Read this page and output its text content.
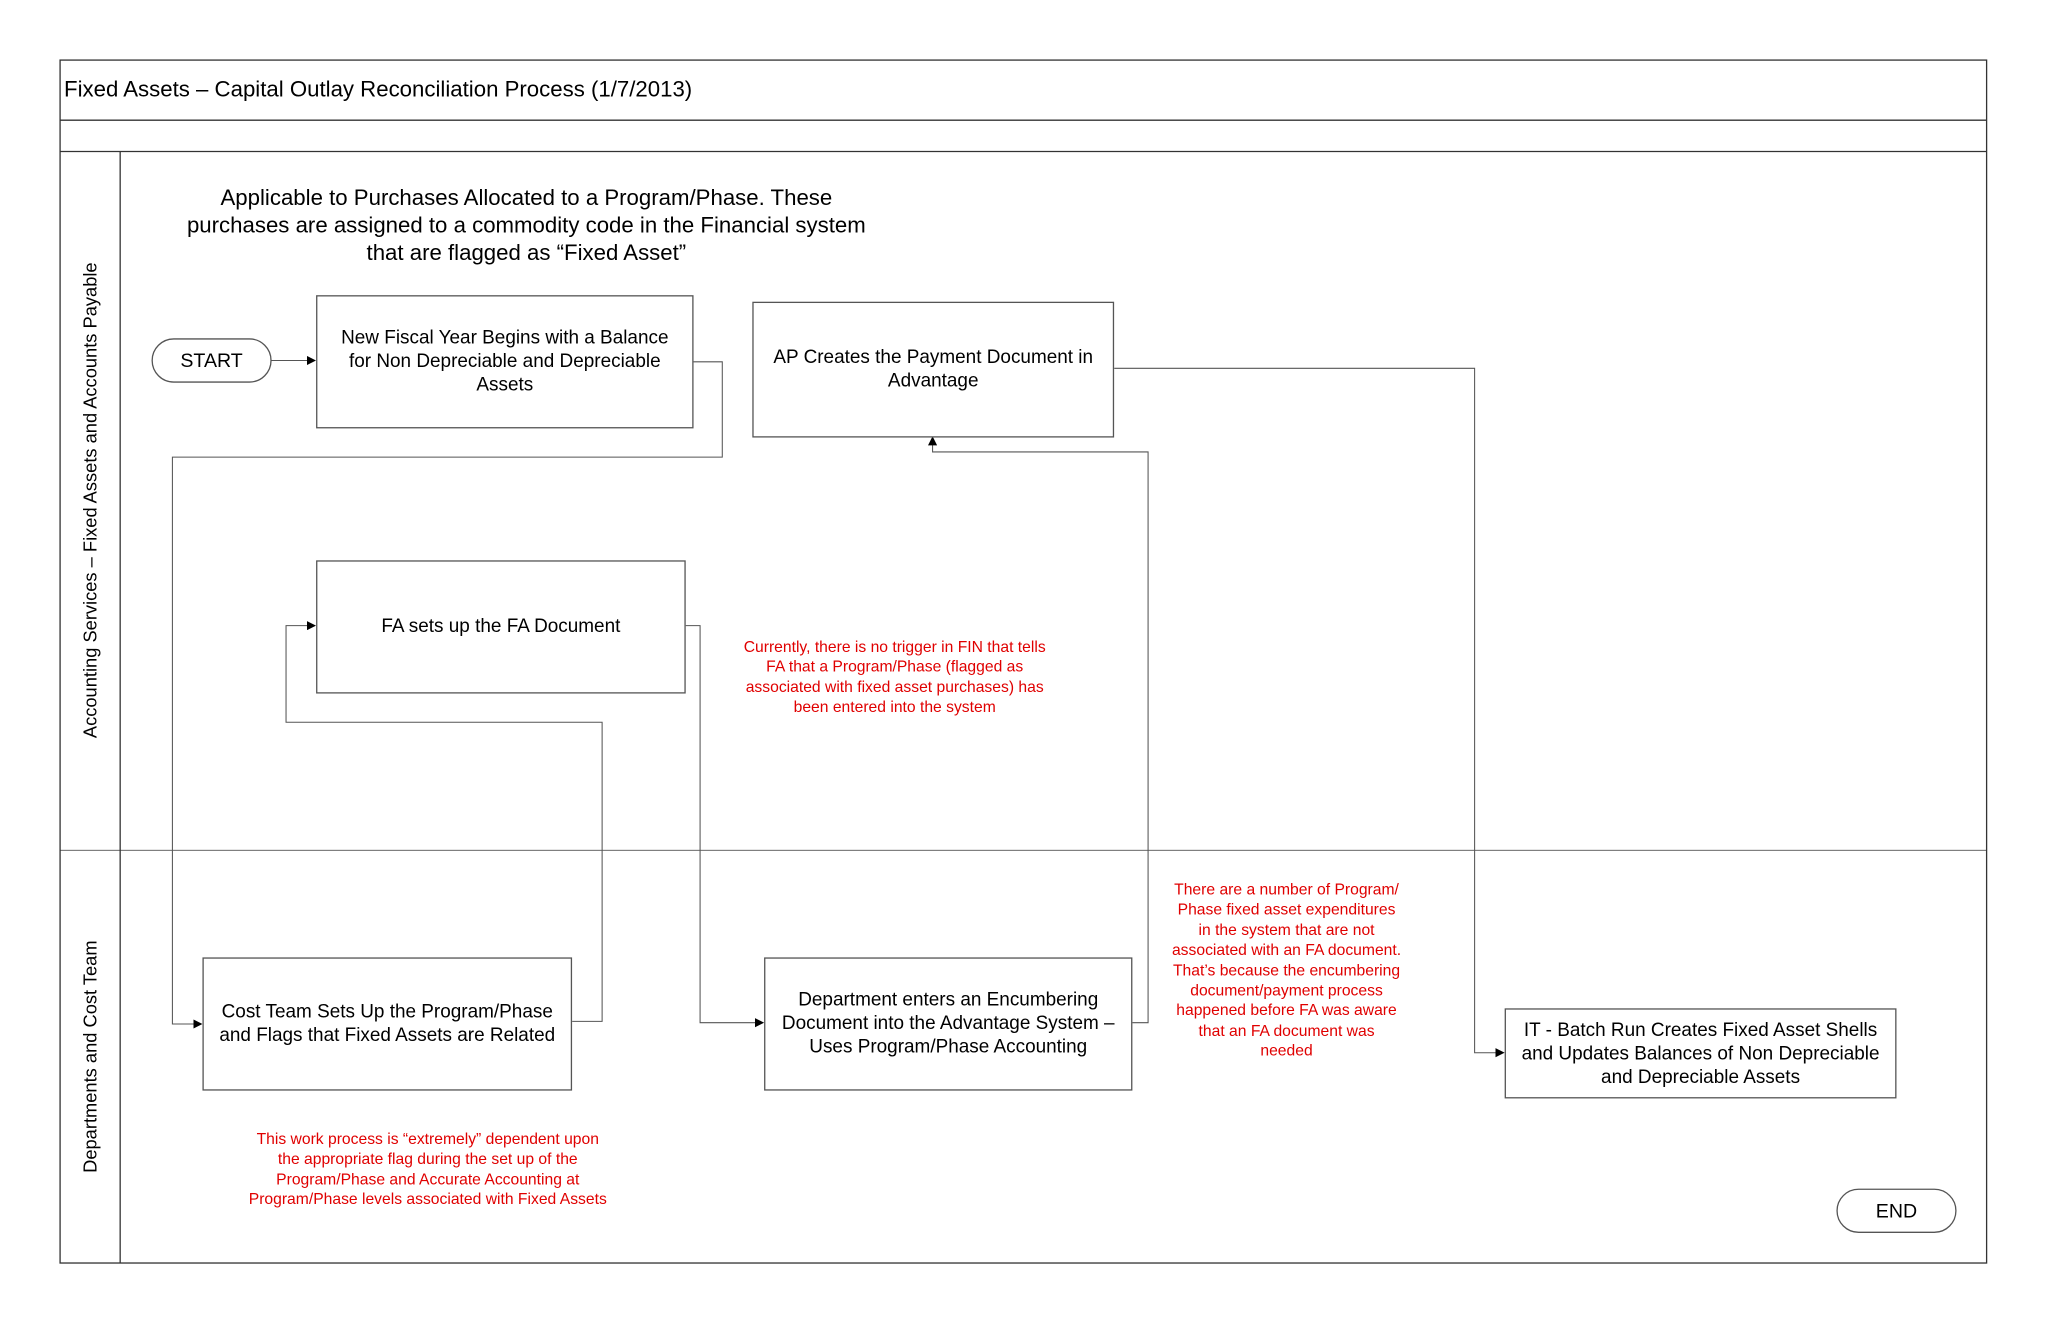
Fixed Assets – Capital Outlay Reconciliation Process (1/7/2013)
Accounting Services – Fixed Assets and Accounts Payable
Departments and Cost Team
Applicable to Purchases Allocated to a Program/Phase. These
purchases are assigned to a commodity code in the Financial system
that are flagged as “Fixed Asset”
START
END
New Fiscal Year Begins with a Balance
for Non Depreciable and Depreciable
Assets
AP Creates the Payment Document in
Advantage
FA sets up the FA Document
Cost Team Sets Up the Program/Phase
and Flags that Fixed Assets are Related
Department enters an Encumbering
Document into the Advantage System –
Uses Program/Phase Accounting
IT - Batch Run Creates Fixed Asset Shells
and Updates Balances of Non Depreciable
and Depreciable Assets
Currently, there is no trigger in FIN that tells
FA that a Program/Phase (flagged as
associated with fixed asset purchases) has
been entered into the system
There are a number of Program/
Phase fixed asset expenditures
in the system that are not
associated with an FA document.
That’s because the encumbering
document/payment process
happened before FA was aware
that an FA document was
needed
This work process is “extremely” dependent upon
the appropriate flag during the set up of the
Program/Phase and Accurate Accounting at
Program/Phase levels associated with Fixed Assets
